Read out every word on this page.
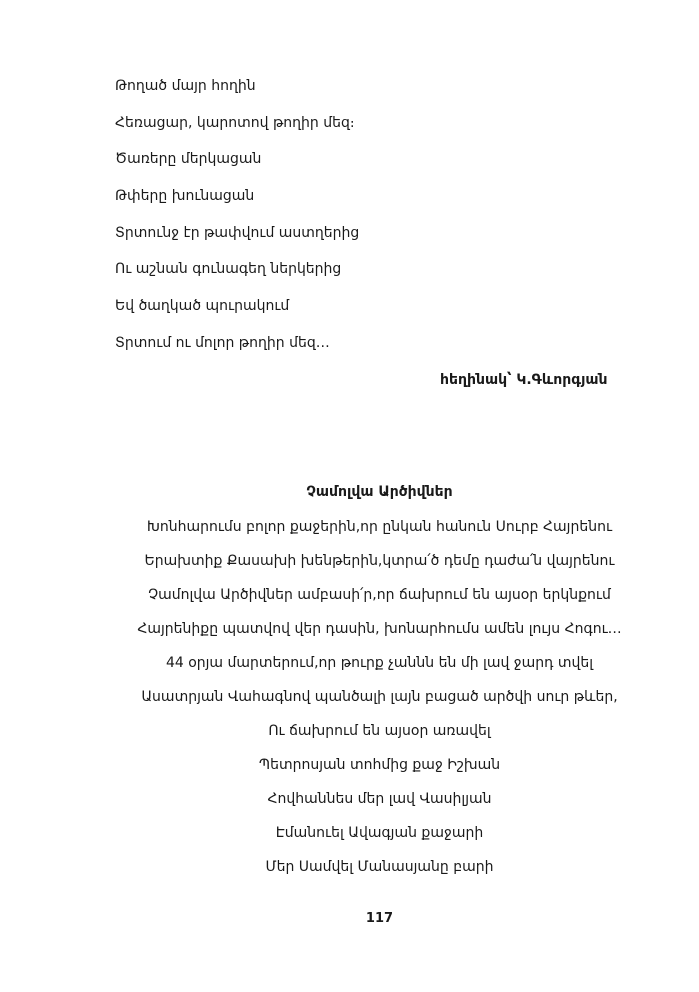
Թողած մայր հողին
Հեռացար, կարոտով թողիր մեզ։
Ծառերը մերկացան
Թփերը խունացան
Տրտունջ էր թափվում աստղերից
Ու աշնան գունագեղ ներկերից
Եվ ծաղկած պուրակում
Տրտում ու մոլոր թողիր մեզ…
հեղինակ՝ Կ.Գևորգյան
Չամոլվա Արծիվներ
Խոնհարումս բոլոր քաջերին,որ ընկան հանուն Սուրբ Հայրենու
Երախտիք Քասախի խենթերին,կտրա՛ծ դեմը դաժա՛ն վայրենու
Չամոլվա Արծիվներ ամբասի՛ր,որ ճախրում են այսօր երկնքում
Հայրենիքը պատվով վեր դասին, խոնարհումս ամեն լույս Հոգու…
44 օրյա մարտերում,որ թուրք չաննն են մի լավ ջարդ տվել
Ասատրյան Վահագնով պանծալի լայն բացած արծվի սուր թևեր,
Ու ճախրում են այսօր առավել
Պետրոսյան տոհմից քաջ Իշխան
Հովհաննես մեր լավ Վասիլյան
Էմանուել Ավագյան քաջարի
Մեր Սամվել Մանասյանը բարի
117
